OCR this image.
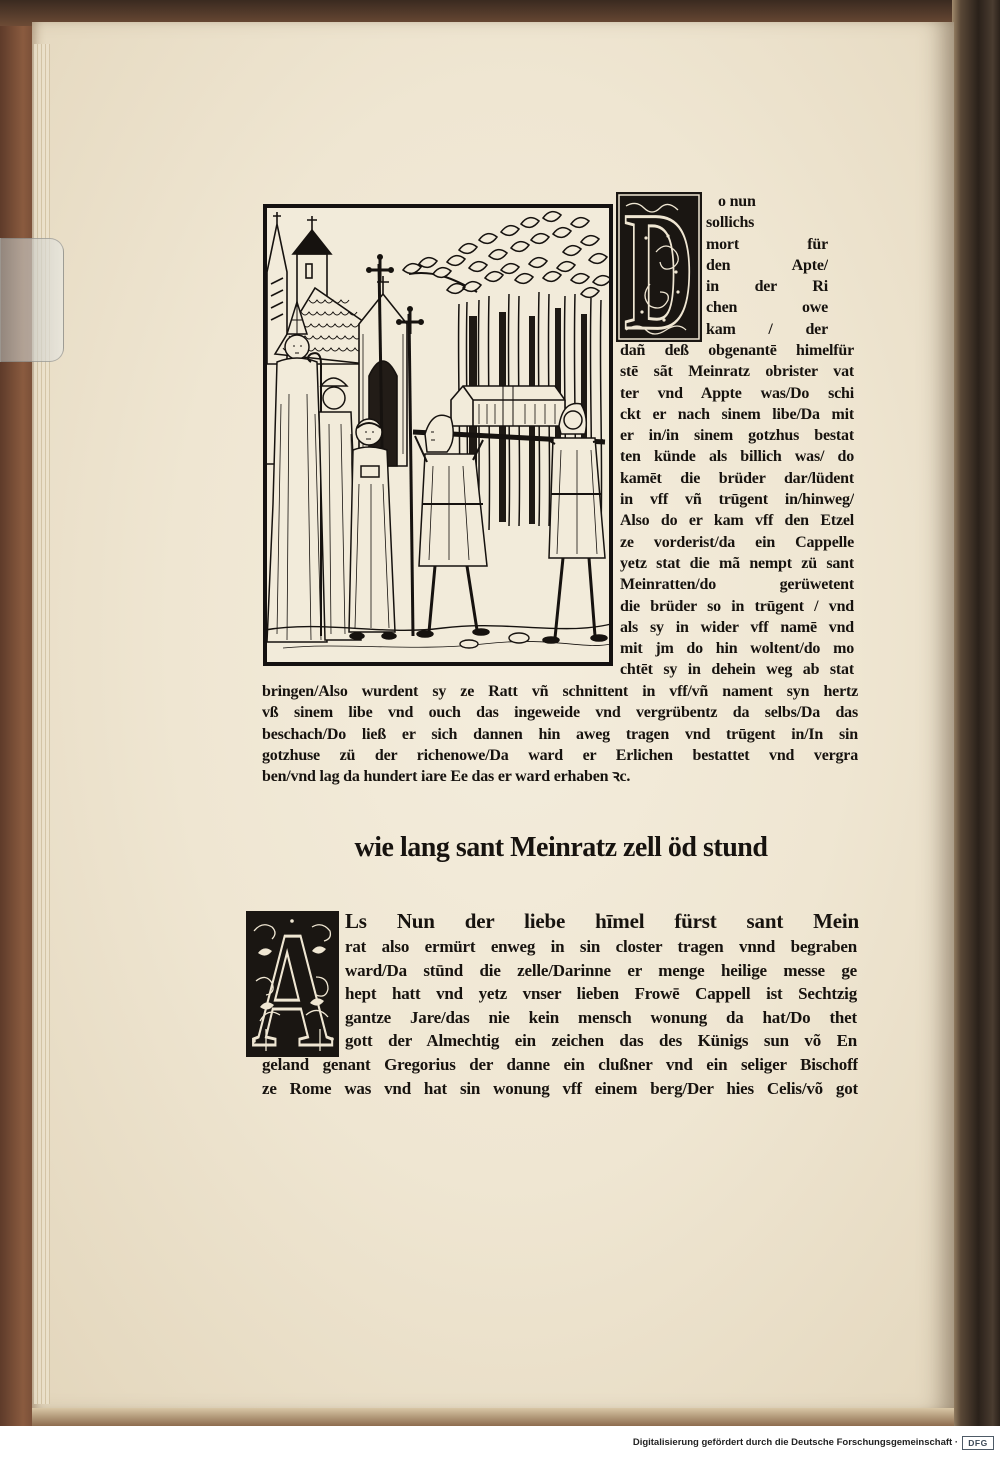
D	o nun
sollichs
mort für
den Apte/
in der Ri
chen owe
kam / der
dañ deß obgenantē himelfür
stē sãt Meinratz obrister vat
ter vnd Appte was/Do schi
ckt er nach sinem libe/Da mit
er in/in sinem gotzhus bestat
ten künde als billich was/ do
kamēt die brüder dar/lüdent
in vff vñ trūgent in/hinweg/
Also do er kam vff den Etzel
ze vorderist/da ein Cappelle
yetz stat die mã nempt zü sant
Meinratten/do gerüwetent
die brüder so in trūgent / vnd
als sy in wider vff namē vnd
mit jm do hin woltent/do mo
chtēt sy in dehein weg ab stat
bringen/Also wurdent sy ze Ratt vñ schnittent in vff/vñ nament syn hertz
vß sinem libe vnd ouch das ingeweide vnd vergrübentz da selbs/Da das
beschach/Do ließ er sich dannen hin aweg tragen vnd trūgent in/In sin
gotzhuse zü der richenowe/Da ward er Erlichen bestattet vnd vergra
ben/vnd lag da hundert iare Ee das er ward erhaben ꝛc.
wie lang sant Meinratz zell öd stund
A Ls Nun der liebe hīmel fürst sant Mein
rat also ermürt enweg in sin closter tragen vnnd begraben
ward/Da stūnd die zelle/Darinne er menge heilige messe ge
hept hatt vnd yetz vnser lieben Frowē Cappell ist Sechtzig
gantze Jare/das nie kein mensch wonung da hat/Do thet
gott der Almechtig ein zeichen das des Künigs sun võ En
geland genant Gregorius der danne ein clußner vnd ein seliger Bischoff
ze Rome was vnd hat sin wonung vff einem berg/Der hies Celis/võ got
Digitalisierung gefördert durch die Deutsche Forschungsgemeinschaft ·	DFG
